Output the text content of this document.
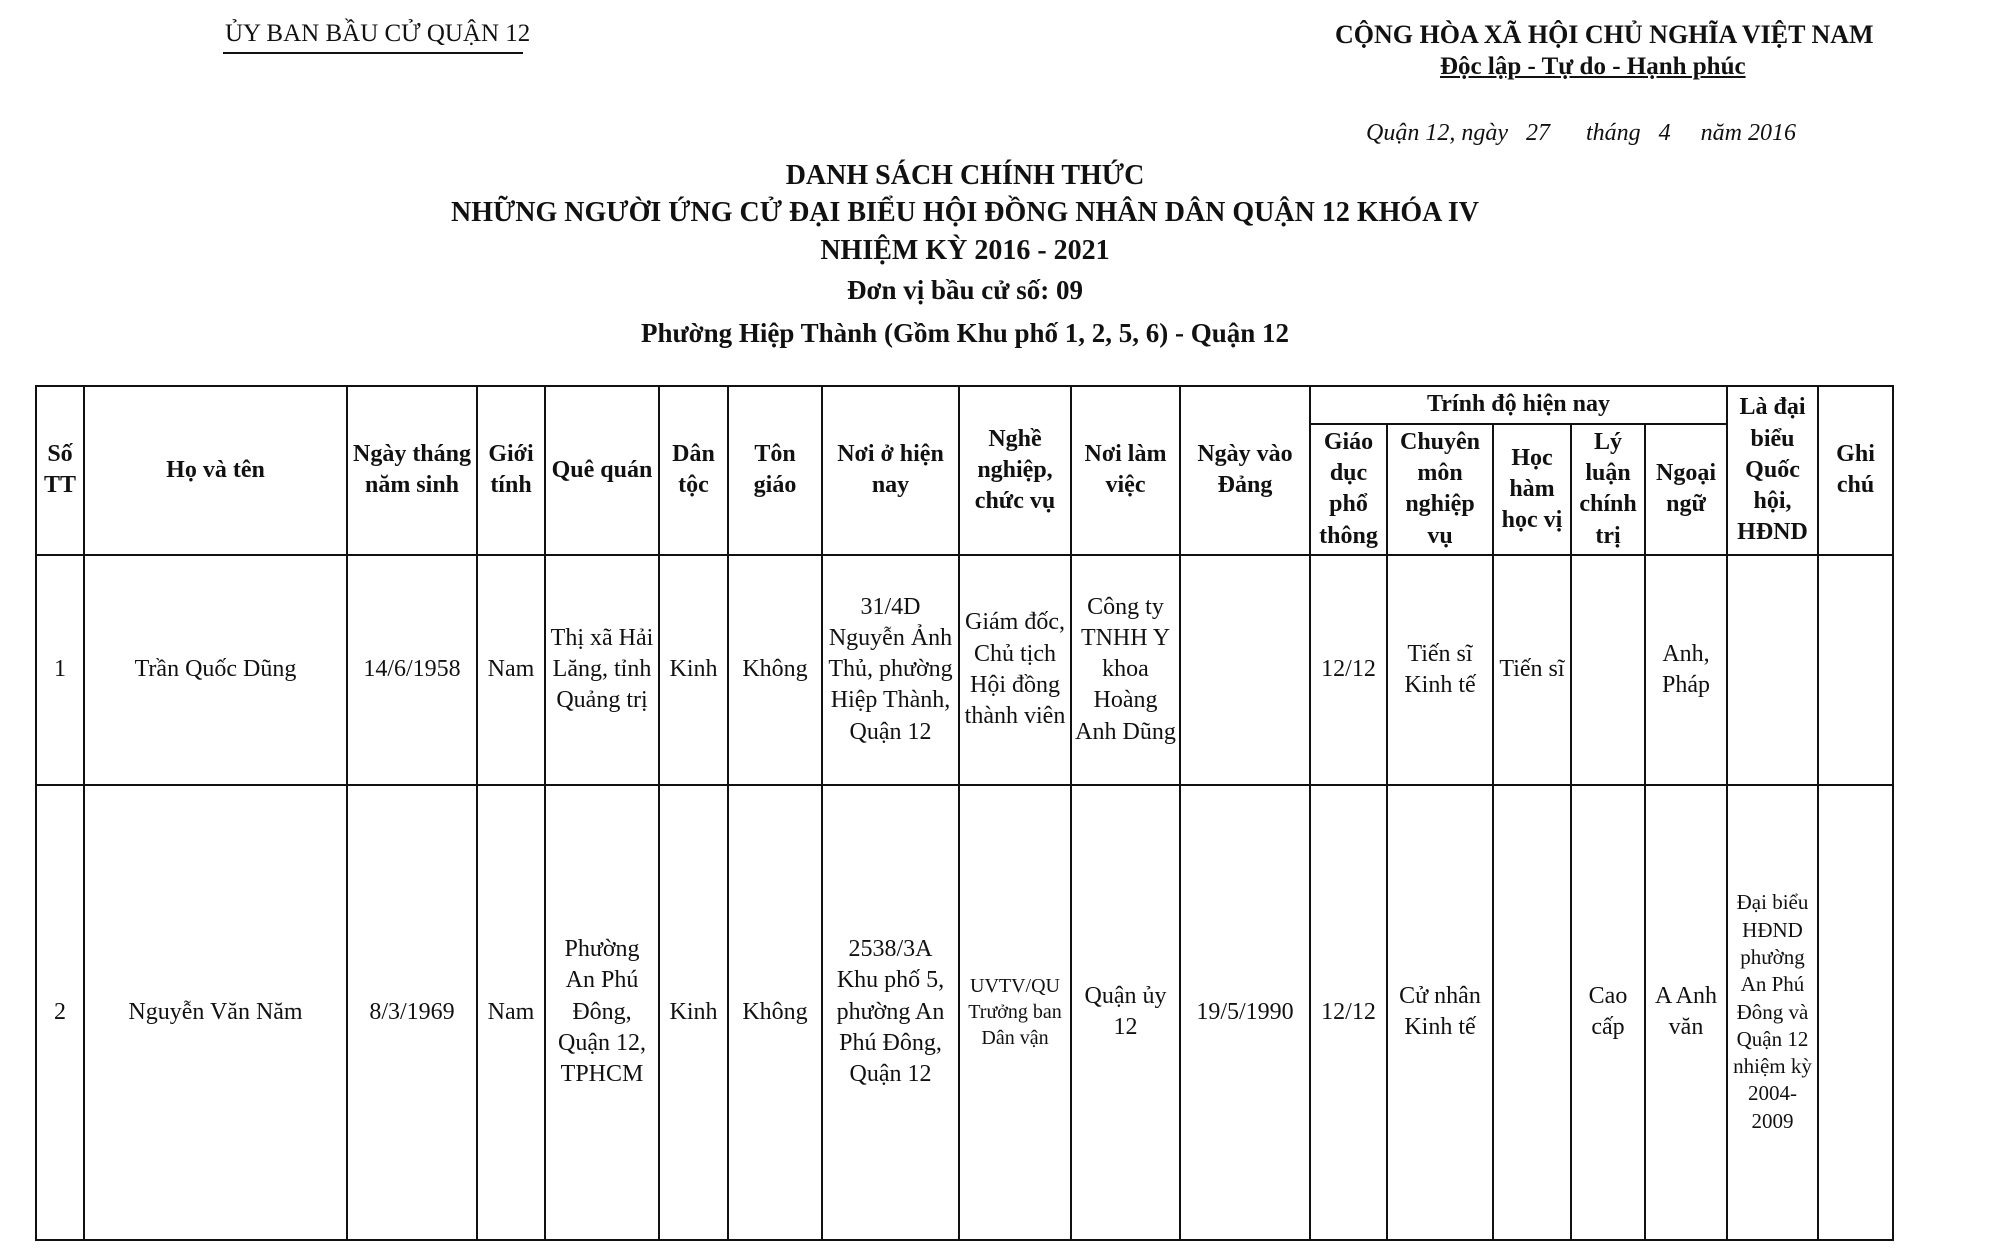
ỦY BAN BẦU CỬ QUẬN 12	CỘNG HÒA XÃ HỘI CHỦ NGHĨA VIỆT NAM
Độc lập - Tự do - Hạnh phúc
Quận 12, ngày   27      tháng   4     năm 2016
DANH SÁCH CHÍNH THỨC
NHỮNG NGƯỜI ỨNG CỬ ĐẠI BIỂU HỘI ĐỒNG NHÂN DÂN QUẬN 12 KHÓA IV
NHIỆM KỲ 2016 - 2021
Đơn vị bầu cử số: 09
Phường Hiệp Thành (Gồm Khu phố 1, 2, 5, 6) - Quận 12
Số TT	Họ và tên	Ngày tháng năm sinh	Giới tính	Quê quán	Dân tộc	Tôn giáo	Nơi ở hiện nay	Nghề nghiệp, chức vụ	Nơi làm việc	Ngày vào Đảng	Trính độ hiện nay					Là đại biểu Quốc hội, HĐND	Ghi chú
											Giáo dục phổ thông	Chuyên môn nghiệp vụ	Học hàm học vị	Lý luận chính trị	Ngoại ngữ		
1	Trần Quốc Dũng	14/6/1958	Nam	Thị xã Hải Lăng, tỉnh Quảng trị	Kinh	Không	31/4D Nguyễn Ảnh Thủ, phường Hiệp Thành, Quận 12	Giám đốc, Chủ tịch Hội đồng thành viên	Công ty TNHH Y khoa Hoàng Anh Dũng		12/12	Tiến sĩ Kinh tế	Tiến sĩ		Anh, Pháp		
2	Nguyễn Văn Năm	8/3/1969	Nam	Phường An Phú Đông, Quận 12, TPHCM	Kinh	Không	2538/3A Khu phố 5, phường An Phú Đông, Quận 12	UVTV/QU Trưởng ban Dân vận	Quận ủy 12	19/5/1990	12/12	Cử nhân Kinh tế		Cao cấp	A Anh văn	Đại biểu HĐND phường An Phú Đông và Quận 12 nhiệm kỳ 2004-2009	
